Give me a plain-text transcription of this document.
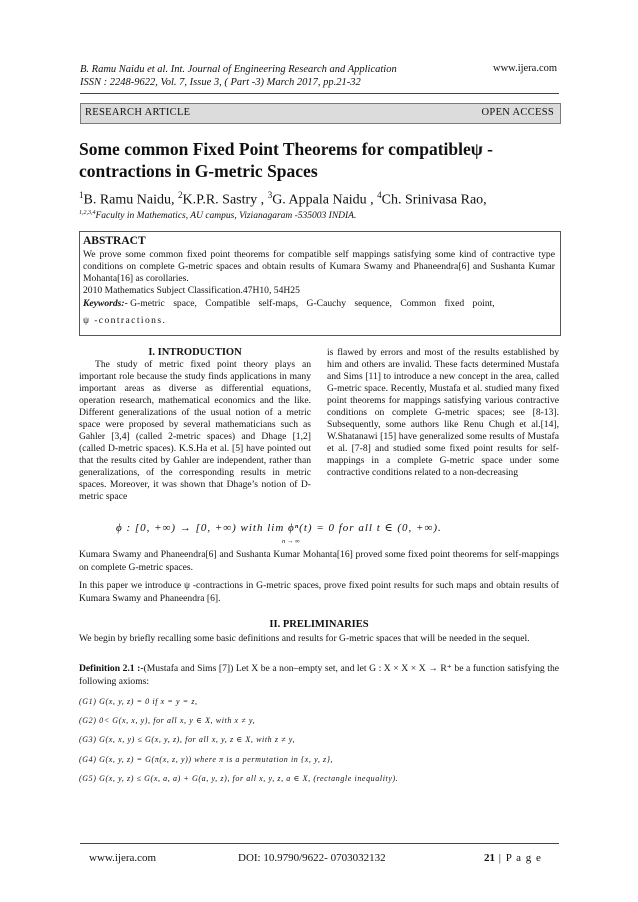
B. Ramu Naidu et al. Int. Journal of Engineering Research and Application	www.ijera.com
ISSN : 2248-9622, Vol. 7, Issue 3, ( Part -3) March 2017, pp.21-32
RESEARCH ARTICLE	OPEN ACCESS
Some common Fixed Point Theorems for compatibleψ -
contractions in G-metric Spaces
$^1$B. Ramu Naidu, $^2$K.P.R. Sastry , $^3$G. Appala Naidu , $^4$Ch. Srinivasa Rao,
$^{1,2,3,4}$Faculty in Mathematics, AU campus, Vizianagaram -535003 INDIA.
ABSTRACT
We prove some common fixed point theorems for compatible self mappings satisfying some kind of contractive type conditions on complete G-metric spaces and obtain results of Kumara Swamy and Phaneendra[6] and Sushanta Kumar Mohanta[16] as corollaries.
2010 Mathematics Subject Classification.47H10, 54H25
Keywords:- G-metric space, Compatible self-maps, G-Cauchy sequence, Common fixed point,
ψ -contractions.
I. INTRODUCTION
The study of metric fixed point theory plays an important role because the study finds applications in many important areas as diverse as differential equations, operation research, mathematical economics and the like. Different generalizations of the usual notion of a metric space were proposed by several mathematicians such as Gahler [3,4] (called 2-metric spaces) and Dhage [1,2] (called D-metric spaces). K.S.Ha et al. [5] have pointed out that the results cited by Gahler are independent, rather than generalizations, of the corresponding results in metric spaces. Moreover, it was shown that Dhage’s notion of D-metric space
is flawed by errors and most of the results established by him and others are invalid. These facts determined Mustafa and Sims [11] to introduce a new concept in the area, called G-metric space. Recently, Mustafa et al. studied many fixed point theorems for mappings satisfying various contractive conditions on complete G-metric spaces; see [8-13]. Subsequently, some authors like Renu Chugh et al.[14], W.Shatanawi [15] have generalized some results of Mustafa et al. [7-8] and studied some fixed point results for self-mappings in a complete G-metric space under some contractive conditions related to a non-decreasing
ϕ : [0, +∞) → [0, +∞) with lim ϕⁿ(t) = 0 for all t ∈ (0, +∞).
n → ∞
Kumara Swamy and Phaneendra[6] and Sushanta Kumar Mohanta[16] proved some fixed point theorems for self-mappings on complete G-metric spaces.
In this paper we introduce ψ -contractions in G-metric spaces, prove fixed point results for such maps and obtain results of Kumara Swamy and Phaneendra [6].
II. PRELIMINARIES
We begin by briefly recalling some basic definitions and results for G-metric spaces that will be needed in the sequel.
Definition 2.1 :-(Mustafa and Sims [7]) Let X be a non–empty set, and let G : X × X × X → R⁺ be a function satisfying the following axioms:
(G1) G(x, y, z) = 0 if x = y = z,
(G2) 0< G(x, x, y), for all x, y ∈ X, with x ≠ y,
(G3) G(x, x, y) ≤ G(x, y, z), for all x, y, z ∈ X, with z ≠ y,
(G4) G(x, y, z) = G(π(x, z, y)) where π is a permutation in {x, y, z},
(G5) G(x, y, z) ≤ G(x, a, a) + G(a, y, z), for all x, y, z, a ∈ X, (rectangle inequality).
www.ijera.com	DOI: 10.9790/9622- 0703032132	21 | P a g e
